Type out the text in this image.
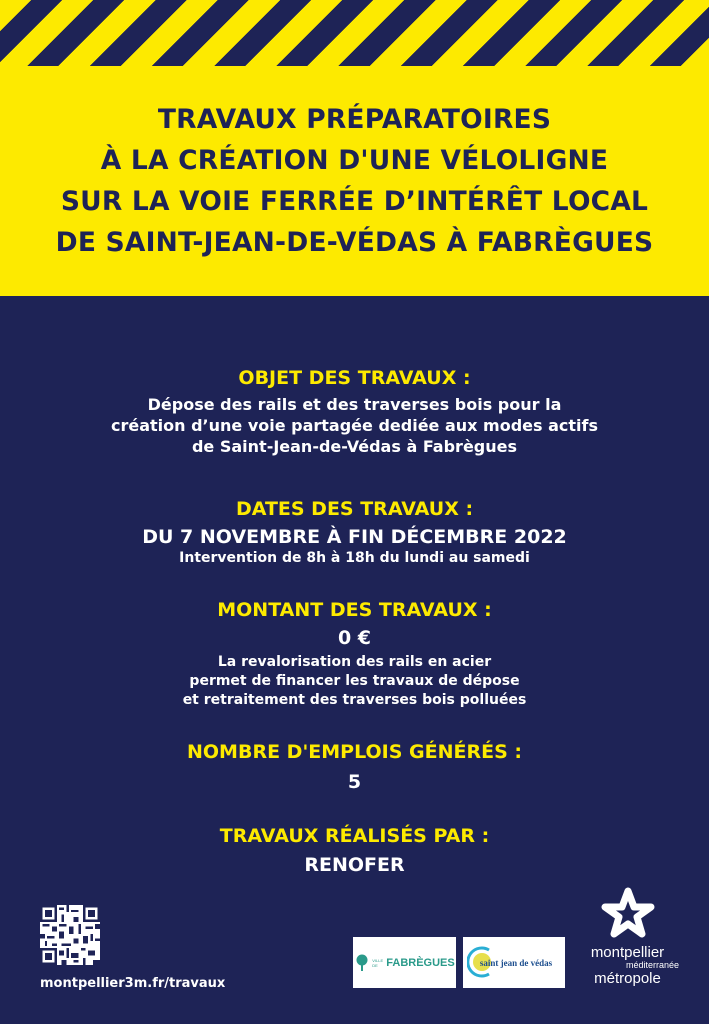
TRAVAUX PRÉPARATOIRES
À LA CRÉATION D'UNE VÉLOLIGNE
SUR LA VOIE FERRÉE D’INTÉRÊT LOCAL
DE SAINT-JEAN-DE-VÉDAS À FABRÈGUES
OBJET DES TRAVAUX :
Dépose des rails et des traverses bois pour la
création d’une voie partagée dediée aux modes actifs
de Saint-Jean-de-Védas à Fabrègues
DATES DES TRAVAUX :
DU 7 NOVEMBRE À FIN DÉCEMBRE 2022
Intervention de 8h à 18h du lundi au samedi
MONTANT DES TRAVAUX :
0 €
La revalorisation des rails en acier
permet de financer les travaux de dépose
et retraitement des traverses bois polluées
NOMBRE D'EMPLOIS GÉNÉRÉS :
5
TRAVAUX RÉALISÉS PAR :
RENOFER
montpellier3m.fr/travaux
VILLE DE FABRÈGUES	saint jean de védas
montpellier
méditerranée
métropole
